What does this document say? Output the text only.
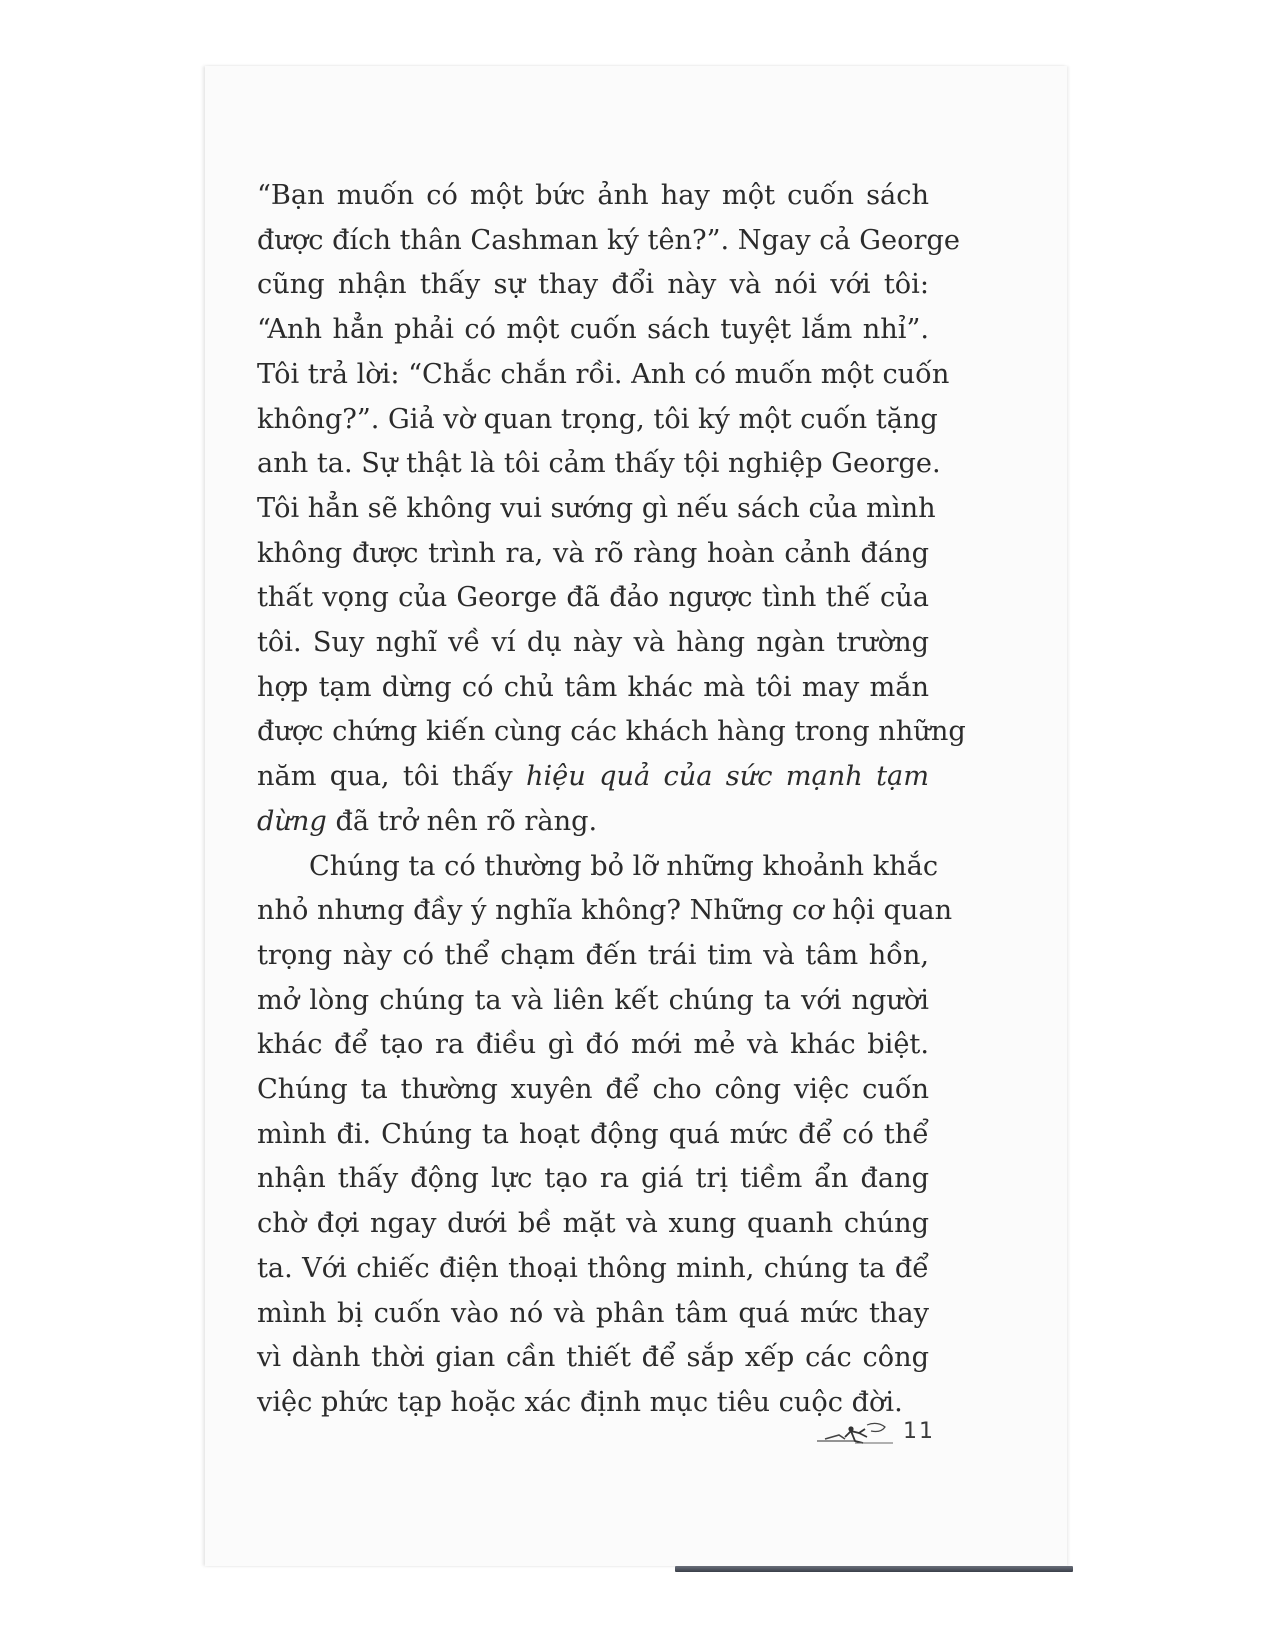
“Bạn muốn có một bức ảnh hay một cuốn sách
được đích thân Cashman ký tên?”. Ngay cả George
cũng nhận thấy sự thay đổi này và nói với tôi:
“Anh hẳn phải có một cuốn sách tuyệt lắm nhỉ”.
Tôi trả lời: “Chắc chắn rồi. Anh có muốn một cuốn
không?”. Giả vờ quan trọng, tôi ký một cuốn tặng
anh ta. Sự thật là tôi cảm thấy tội nghiệp George.
Tôi hẳn sẽ không vui sướng gì nếu sách của mình
không được trình ra, và rõ ràng hoàn cảnh đáng
thất vọng của George đã đảo ngược tình thế của
tôi. Suy nghĩ về ví dụ này và hàng ngàn trường
hợp tạm dừng có chủ tâm khác mà tôi may mắn
được chứng kiến cùng các khách hàng trong những
năm qua, tôi thấy hiệu quả của sức mạnh tạm
dừng đã trở nên rõ ràng.
Chúng ta có thường bỏ lỡ những khoảnh khắc
nhỏ nhưng đầy ý nghĩa không? Những cơ hội quan
trọng này có thể chạm đến trái tim và tâm hồn,
mở lòng chúng ta và liên kết chúng ta với người
khác để tạo ra điều gì đó mới mẻ và khác biệt.
Chúng ta thường xuyên để cho công việc cuốn
mình đi. Chúng ta hoạt động quá mức để có thể
nhận thấy động lực tạo ra giá trị tiềm ẩn đang
chờ đợi ngay dưới bề mặt và xung quanh chúng
ta. Với chiếc điện thoại thông minh, chúng ta để
mình bị cuốn vào nó và phân tâm quá mức thay
vì dành thời gian cần thiết để sắp xếp các công
việc phức tạp hoặc xác định mục tiêu cuộc đời.
11
